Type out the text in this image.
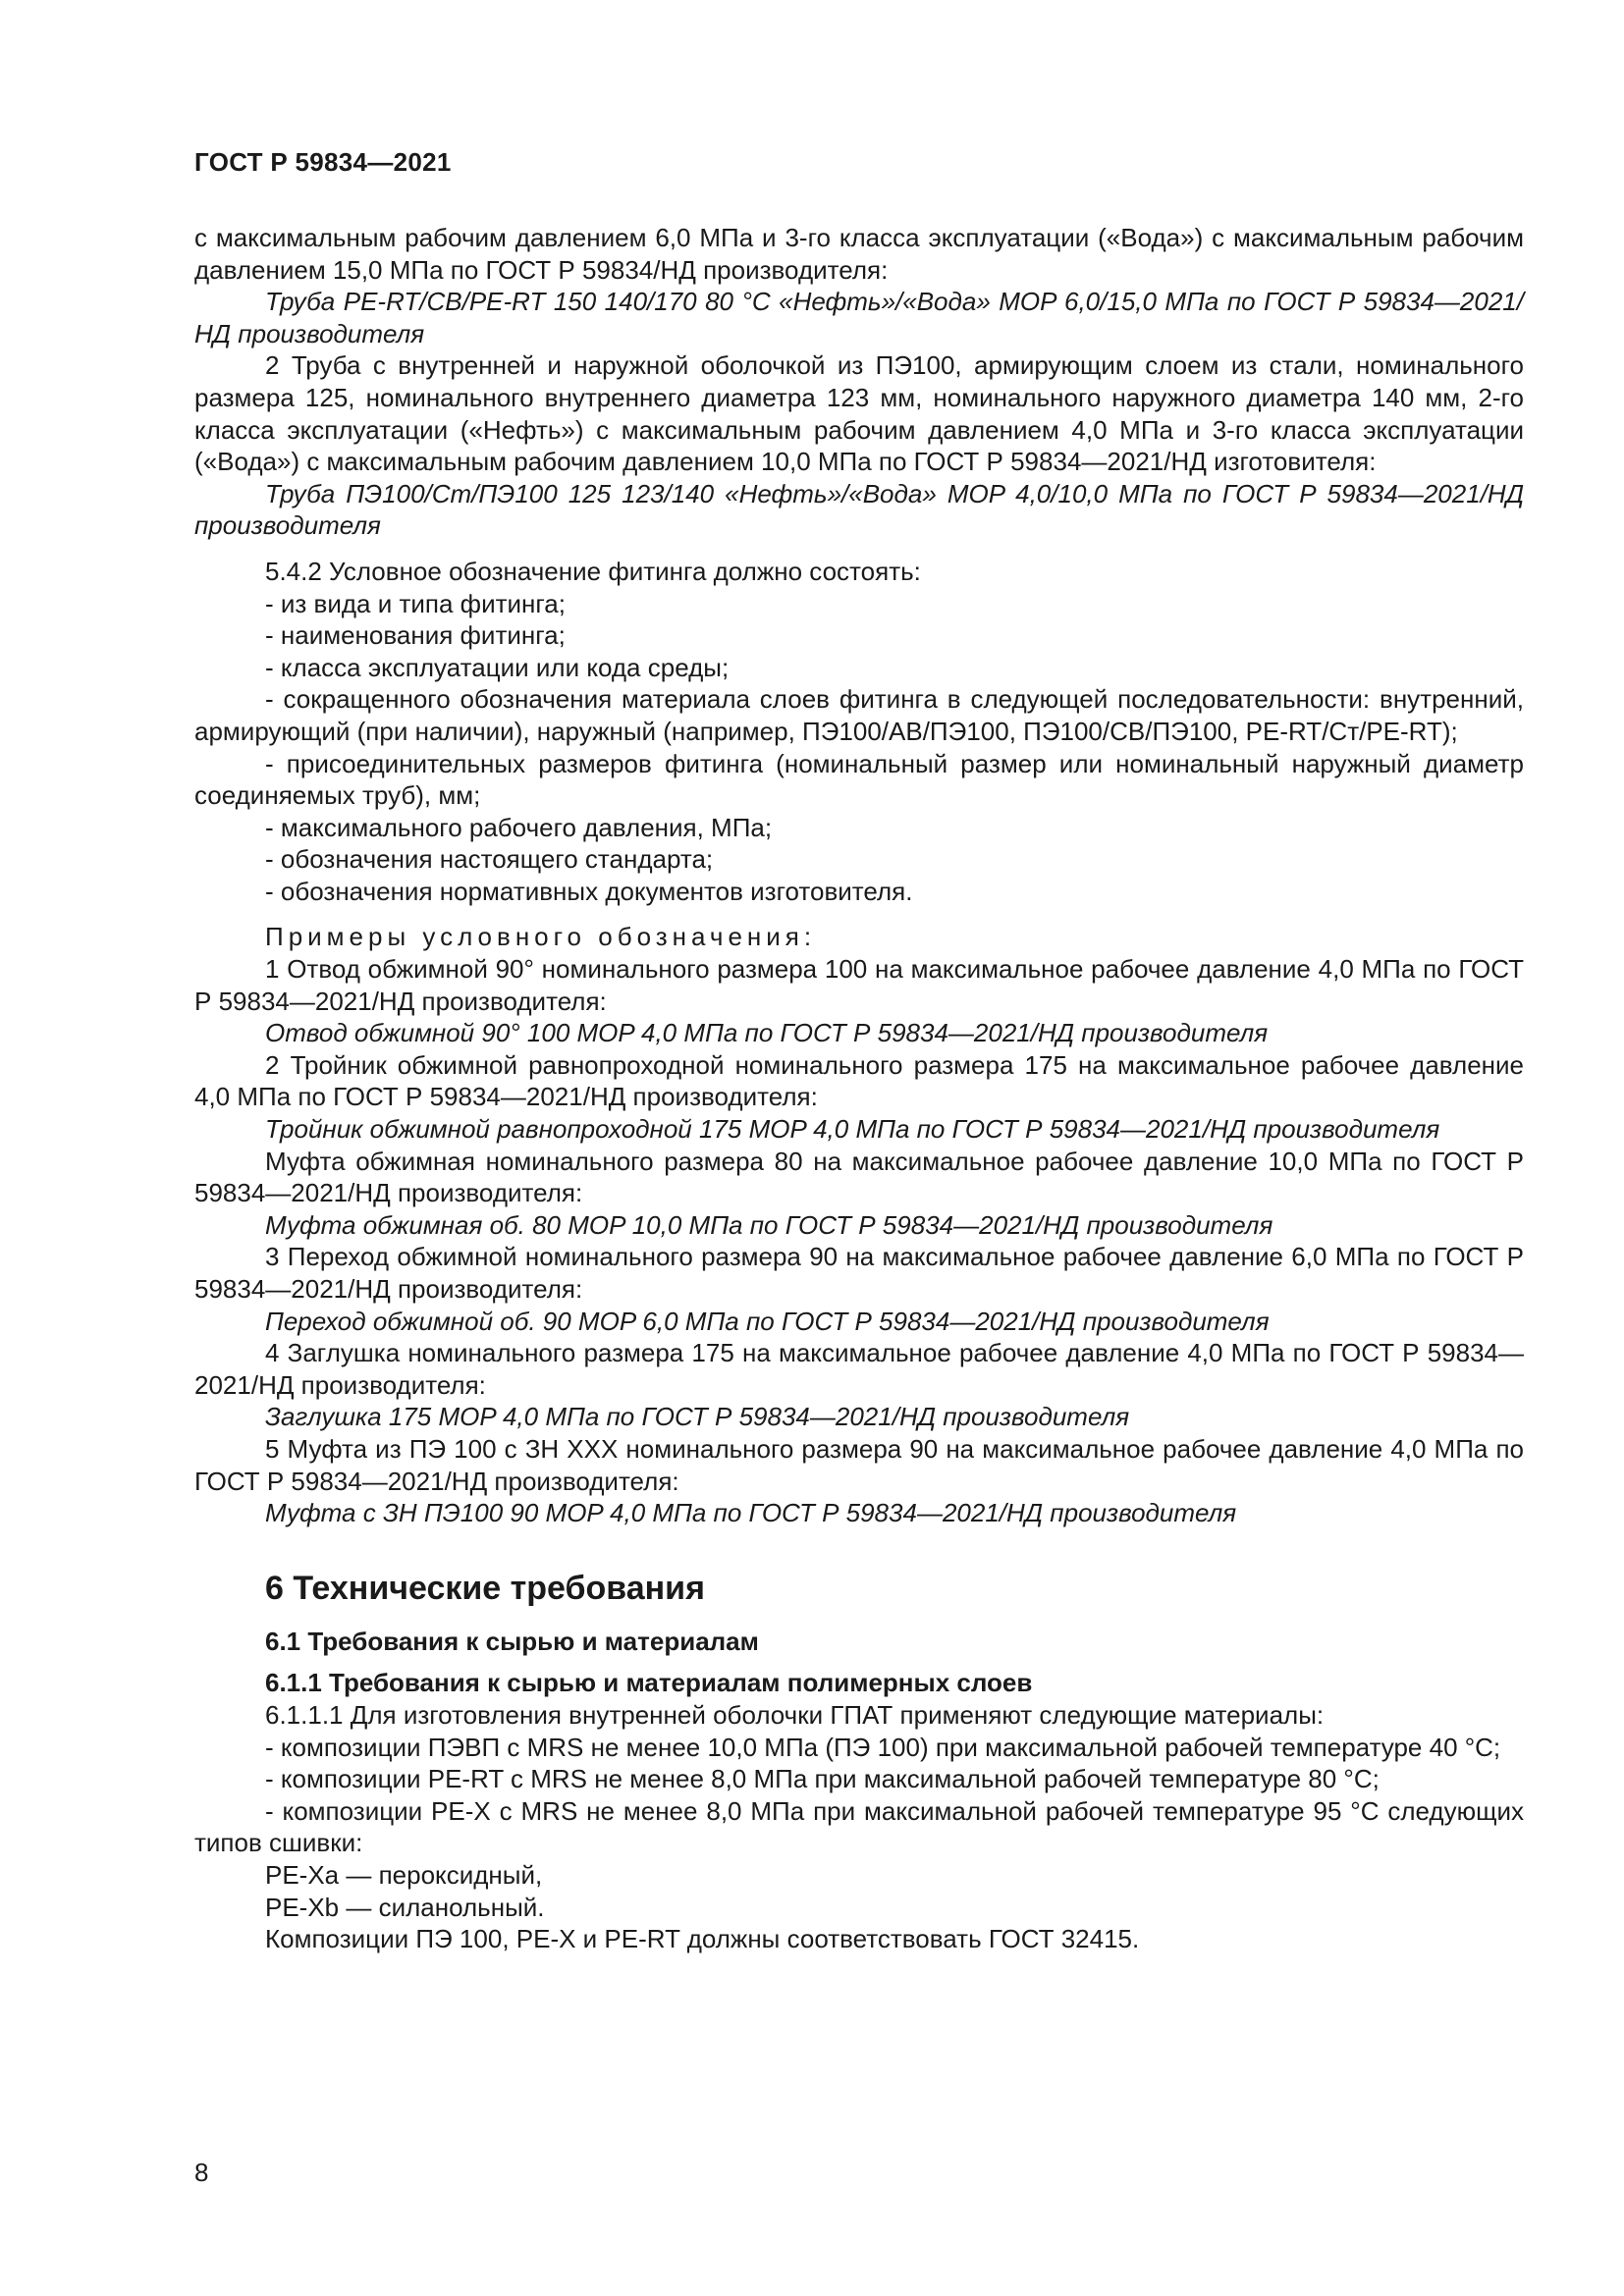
ГОСТ Р 59834—2021

с максимальным рабочим давлением 6,0 МПа и 3-го класса эксплуатации («Вода») с максимальным рабочим давлением 15,0 МПа по ГОСТ Р 59834/НД производителя:

Труба PE-RT/CB/PE-RT 150 140/170 80 °C «Нефть»/«Вода» MOP 6,0/15,0 МПа по ГОСТ Р 59834—2021/НД производителя

2 Труба с внутренней и наружной оболочкой из ПЭ100, армирующим слоем из стали, номинального размера 125, номинального внутреннего диаметра 123 мм, номинального наружного диаметра 140 мм, 2-го класса эксплуатации («Нефть») с максимальным рабочим давлением 4,0 МПа и 3-го класса эксплуатации («Вода») с максимальным рабочим давлением 10,0 МПа по ГОСТ Р 59834—2021/НД изготовителя:

Труба ПЭ100/Ст/ПЭ100 125 123/140 «Нефть»/«Вода» MOP 4,0/10,0 МПа по ГОСТ Р 59834—2021/НД производителя

5.4.2 Условное обозначение фитинга должно состоять:

- из вида и типа фитинга;

- наименования фитинга;

- класса эксплуатации или кода среды;

- сокращенного обозначения материала слоев фитинга в следующей последовательности: внутренний, армирующий (при наличии), наружный (например, ПЭ100/AB/ПЭ100, ПЭ100/CB/ПЭ100, PE-RT/Ст/PE-RT);

- присоединительных размеров фитинга (номинальный размер или номинальный наружный диаметр соединяемых труб), мм;

- максимального рабочего давления, МПа;

- обозначения настоящего стандарта;

- обозначения нормативных документов изготовителя.

Примеры условного обозначения:

1 Отвод обжимной 90° номинального размера 100 на максимальное рабочее давление 4,0 МПа по ГОСТ Р 59834—2021/НД производителя:

Отвод обжимной 90° 100 MOP 4,0 МПа по ГОСТ Р 59834—2021/НД производителя

2 Тройник обжимной равнопроходной номинального размера 175 на максимальное рабочее давление 4,0 МПа по ГОСТ Р 59834—2021/НД производителя:

Тройник обжимной равнопроходной 175 MOP 4,0 МПа по ГОСТ Р 59834—2021/НД производителя

Муфта обжимная номинального размера 80 на максимальное рабочее давление 10,0 МПа по ГОСТ Р 59834—2021/НД производителя:

Муфта обжимная об. 80 MOP 10,0 МПа по ГОСТ Р 59834—2021/НД производителя

3 Переход обжимной номинального размера 90 на максимальное рабочее давление 6,0 МПа по ГОСТ Р 59834—2021/НД производителя:

Переход обжимной об. 90 MOP 6,0 МПа по ГОСТ Р 59834—2021/НД производителя

4 Заглушка номинального размера 175 на максимальное рабочее давление 4,0 МПа по ГОСТ Р 59834—2021/НД производителя:

Заглушка 175 MOP 4,0 МПа по ГОСТ Р 59834—2021/НД производителя

5 Муфта из ПЭ 100 с ЗН XXX номинального размера 90 на максимальное рабочее давление 4,0 МПа по ГОСТ Р 59834—2021/НД производителя:

Муфта с ЗН ПЭ100 90 MOP 4,0 МПа по ГОСТ Р 59834—2021/НД производителя

6 Технические требования

6.1 Требования к сырью и материалам

6.1.1 Требования к сырью и материалам полимерных слоев

6.1.1.1 Для изготовления внутренней оболочки ГПАТ применяют следующие материалы:

- композиции ПЭВП с MRS не менее 10,0 МПа (ПЭ 100) при максимальной рабочей температуре 40 °C;

- композиции PE-RT с MRS не менее 8,0 МПа при максимальной рабочей температуре 80 °C;

- композиции PE-X с MRS не менее 8,0 МПа при максимальной рабочей температуре 95 °C следующих типов сшивки:

PE-Xa — пероксидный,

PE-Xb — силанольный.

Композиции ПЭ 100, PE-X и PE-RT должны соответствовать ГОСТ 32415.

8
